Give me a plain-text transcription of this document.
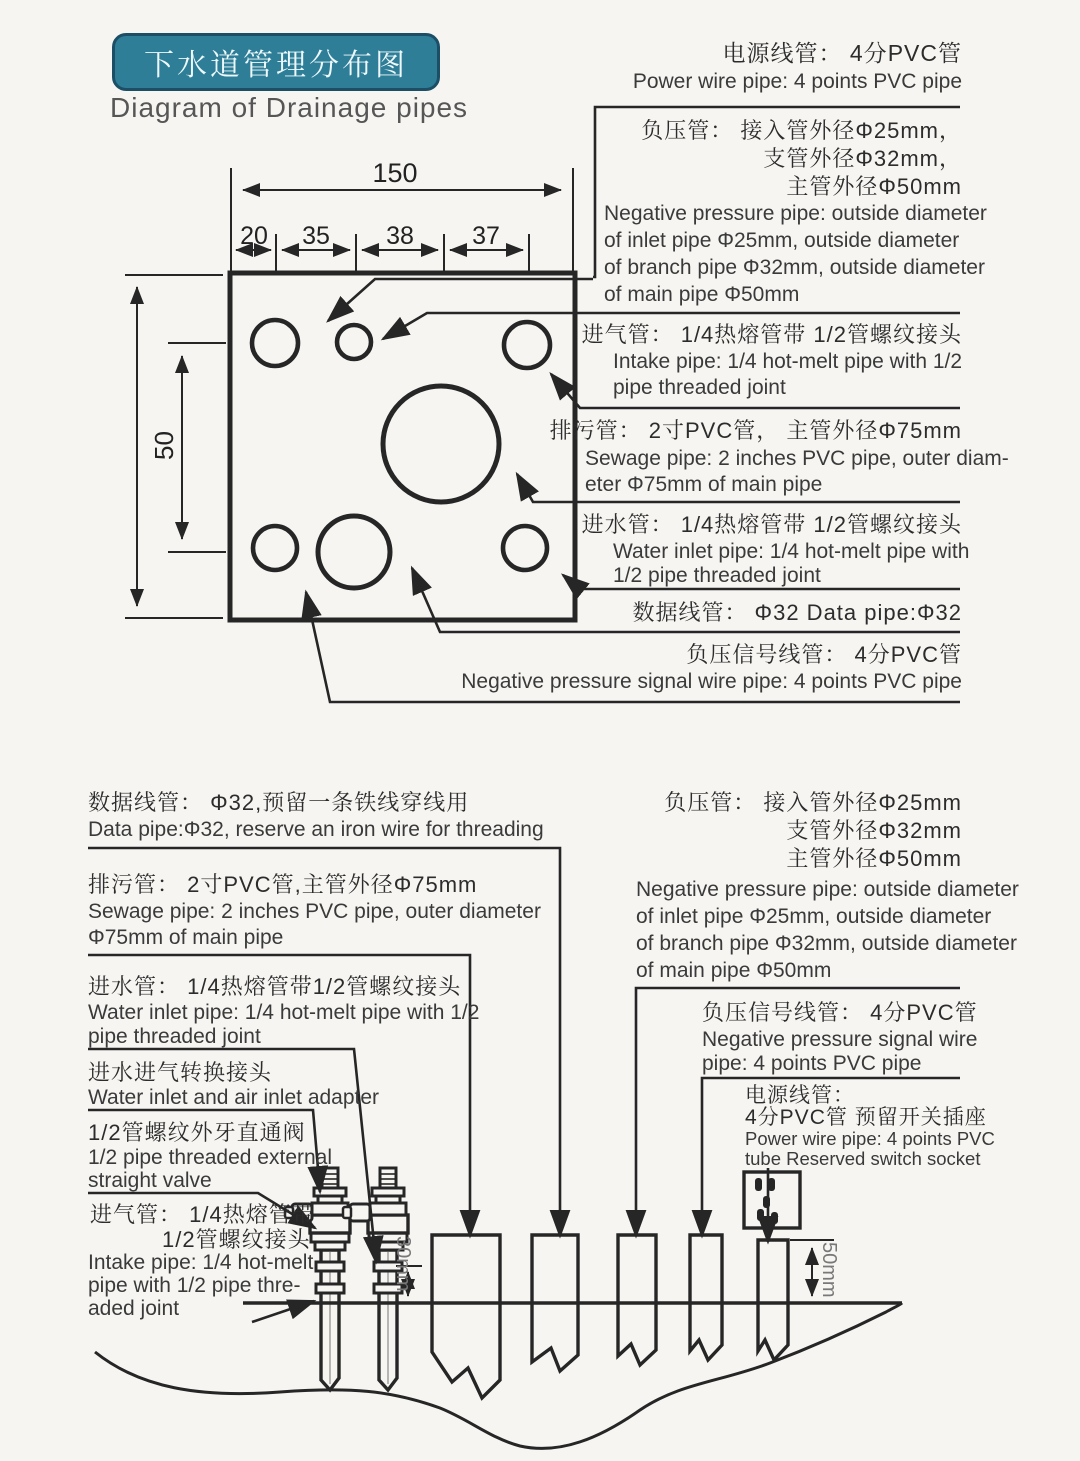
下水道管理分布图
Diagram of Drainage pipes
150
20	35	38	37
50
30mm	50mm
电源线管： 4分PVC管
Power wire pipe: 4 points PVC pipe
负压管： 接入管外径Φ25mm，
支管外径Φ32mm，
主管外径Φ50mm
Negative pressure pipe: outside diameter
of inlet pipe Φ25mm, outside diameter
of branch pipe Φ32mm, outside diameter
of main pipe Φ50mm
进气管： 1/4热熔管带 1/2管螺纹接头
Intake pipe: 1/4 hot-melt pipe with 1/2
pipe threaded joint
排污管： 2寸PVC管， 主管外径Φ75mm
Sewage pipe: 2 inches PVC pipe, outer diam-
eter Φ75mm of main pipe
进水管： 1/4热熔管带 1/2管螺纹接头
Water inlet pipe: 1/4 hot-melt pipe with
1/2 pipe threaded joint
数据线管： Φ32 Data pipe:Φ32
负压信号线管： 4分PVC管
Negative pressure signal wire pipe: 4 points PVC pipe
数据线管： Φ32,预留一条铁线穿线用
Data pipe:Φ32, reserve an iron wire for threading
排污管： 2寸PVC管,主管外径Φ75mm
Sewage pipe: 2 inches PVC pipe, outer diameter
Φ75mm of main pipe
进水管： 1/4热熔管带1/2管螺纹接头
Water inlet pipe: 1/4 hot-melt pipe with 1/2
pipe threaded joint
进水进气转换接头
Water inlet and air inlet adapter
1/2管螺纹外牙直通阀
1/2 pipe threaded external
straight valve
进气管： 1/4热熔管带
1/2管螺纹接头
Intake pipe: 1/4 hot-melt
pipe with 1/2 pipe thre-
aded joint
负压管： 接入管外径Φ25mm
支管外径Φ32mm
主管外径Φ50mm
Negative pressure pipe: outside diameter
of inlet pipe Φ25mm, outside diameter
of branch pipe Φ32mm, outside diameter
of main pipe Φ50mm
负压信号线管： 4分PVC管
Negative pressure signal wire
pipe: 4 points PVC pipe
电源线管：
4分PVC管 预留开关插座
Power wire pipe: 4 points PVC
tube Reserved switch socket
